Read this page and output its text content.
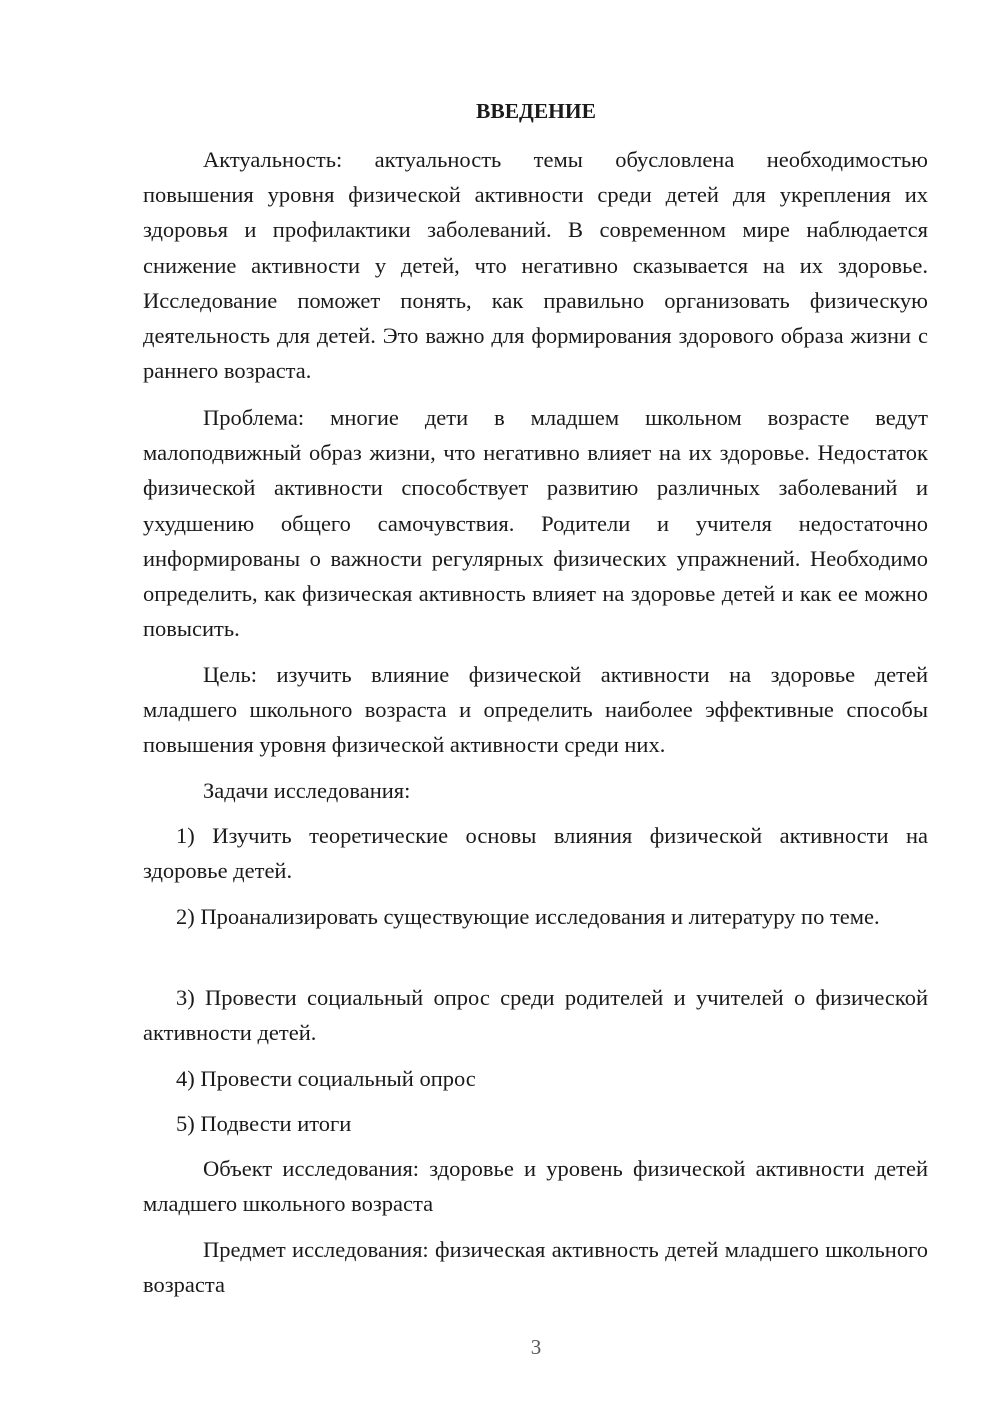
ВВЕДЕНИЕ

Актуальность: актуальность темы обусловлена необходимостью повышения уровня физической активности среди детей для укрепления их здоровья и профилактики заболеваний. В современном мире наблюдается снижение активности у детей, что негативно сказывается на их здоровье. Исследование поможет понять, как правильно организовать физическую деятельность для детей. Это важно для формирования здорового образа жизни с раннего возраста.

Проблема: многие дети в младшем школьном возрасте ведут малоподвижный образ жизни, что негативно влияет на их здоровье. Недостаток физической активности способствует развитию различных заболеваний и ухудшению общего самочувствия. Родители и учителя недостаточно информированы о важности регулярных физических упражнений. Необходимо определить, как физическая активность влияет на здоровье детей и как ее можно повысить.

Цель: изучить влияние физической активности на здоровье детей младшего школьного возраста и определить наиболее эффективные способы повышения уровня физической активности среди них.

Задачи исследования:

1) Изучить теоретические основы влияния физической активности на здоровье детей.

2) Проанализировать существующие исследования и литературу по теме.

3) Провести социальный опрос среди родителей и учителей о физической активности детей.

4) Провести социальный опрос

5) Подвести итоги

Объект исследования: здоровье и уровень физической активности детей младшего школьного возраста

Предмет исследования: физическая активность детей младшего школьного возраста

3
